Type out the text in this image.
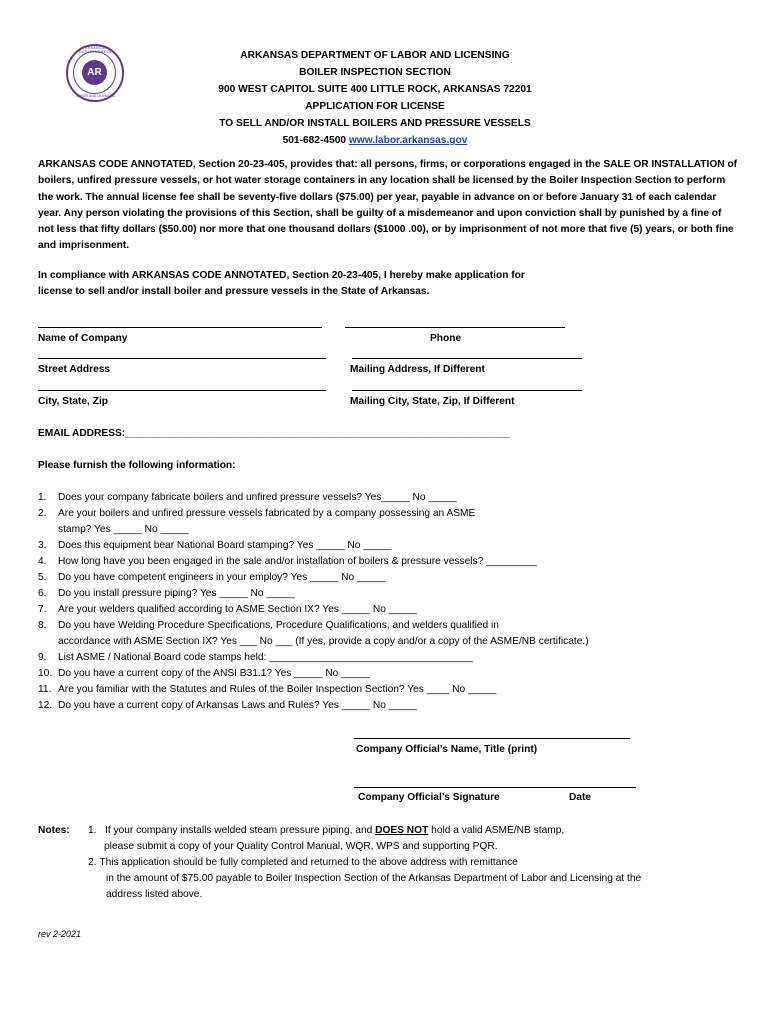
ARKANSAS DEPARTMENT OF
AR
LABOR AND LICENSING
ARKANSAS DEPARTMENT OF LABOR AND LICENSING
BOILER INSPECTION SECTION
900 WEST CAPITOL SUITE 400 LITTLE ROCK, ARKANSAS 72201
APPLICATION FOR LICENSE
TO SELL AND/OR INSTALL BOILERS AND PRESSURE VESSELS
501-682-4500 www.labor.arkansas.gov
ARKANSAS CODE ANNOTATED, Section 20-23-405, provides that: all persons, firms, or corporations engaged in the SALE OR INSTALLATION of boilers, unfired pressure vessels, or hot water storage containers in any location shall be licensed by the Boiler Inspection Section to perform the work. The annual license fee shall be seventy-five dollars ($75.00) per year, payable in advance on or before January 31 of each calendar year. Any person violating the provisions of this Section, shall be guilty of a misdemeanor and upon conviction shall by punished by a fine of not less that fifty dollars ($50.00) nor more that one thousand dollars ($1000 .00), or by imprisonment of not more that five (5) years, or both fine and imprisonment.
In compliance with ARKANSAS CODE ANNOTATED, Section 20-23-405, I hereby make application for
license to sell and/or install boiler and pressure vessels in the State of Arkansas.
Name of Company	Phone
Street Address	Mailing Address, If Different
City, State, Zip	Mailing City, State, Zip, If Different
EMAIL ADDRESS:____________________________________________________________________
Please furnish the following information:
1. Does your company fabricate boilers and unfired pressure vessels? Yes_____ No _____
2. Are your boilers and unfired pressure vessels fabricated by a company possessing an ASME
stamp? Yes _____ No _____
3. Does this equipment bear National Board stamping? Yes _____ No _____
4. How long have you been engaged in the sale and/or installation of boilers & pressure vessels? _________
5. Do you have competent engineers in your employ? Yes _____ No _____
6. Do you install pressure piping? Yes _____ No _____
7. Are your welders qualified according to ASME Section IX? Yes _____ No _____
8. Do you have Welding Procedure Specifications, Procedure Qualifications, and welders qualified in
accordance with ASME Section IX? Yes ___ No ___ (If yes, provide a copy and/or a copy of the ASME/NB certificate.)
9. List ASME / National Board code stamps held: ____________________________________
10. Do you have a current copy of the ANSI B31.1? Yes _____ No _____
11. Are you familiar with the Statutes and Rules of the Boiler Inspection Section? Yes ____ No _____
12. Do you have a current copy of Arkansas Laws and Rules? Yes _____ No _____
Company Official’s Name, Title (print)
Company Official’s Signature	Date
Notes: 1. If your company installs welded steam pressure piping, and DOES NOT hold a valid ASME/NB stamp,
please submit a copy of your Quality Control Manual, WQR, WPS and supporting PQR.
2. This application should be fully completed and returned to the above address with remittance
in the amount of $75.00 payable to Boiler Inspection Section of the Arkansas Department of Labor and Licensing at the
address listed above.
rev 2-2021
